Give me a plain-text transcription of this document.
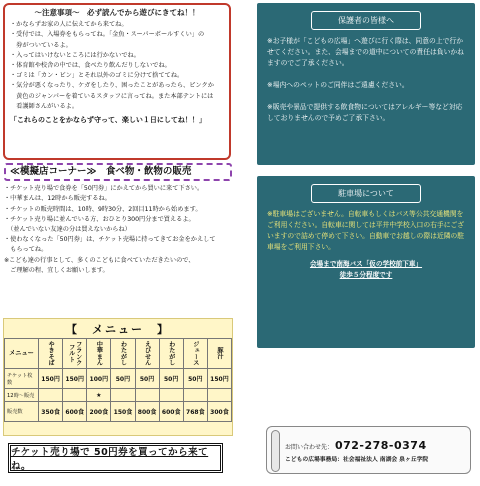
〜注意事項〜　必ず読んでから遊びにきてね！！
・かならずお家の人に伝えてから来てね。
・受付では、入場券をもらってね。「金魚・スーパーボールすくい」の
　券がついているよ。
・入ってはいけないところには行かないでね。
・体育館や校舎の中では、食べたり飲んだりしないでね。
・ゴミは「カン・ビン」とそれ以外のゴミに分けて捨ててね。
・気分が悪くなったり、ケガをしたり、困ったことがあったら、ピンクか
　黄色のジャンパーを着ているスタッフに言ってね。また本部テントには
　看護師さんがいるよ。
「これらのことをかならず守って、楽しい１日にしてね！！」
≪模擬店コーナー≫　食べ物・飲物の販売
・チケット売り場で食券を「50円券」にかえてから買いに来て下さい。
・中華まんは、12時から販売するね。
・チケットの販売時間は、10時、9時30分、2回目11時から始めます。
・チケット売り場に並んでいる方、おひとり300円分まで買えるよ。
　（並んでいない友達の分は買えないからね）
・使わなくなった「50円券」は、チケット売場に持ってきてお金をかえして
　もらってね。
※こども達の行事として、多くのこどもに食べていただきたいので、
　ご理解の程、宜しくお願いします。
【　メニュー　】
メニュー	やきそば	フランクフルト	中華まん	わたがし	えびせん	わたがし	ジュース	豚汁
チケット枚数	150円	150円	100円	50円	50円	50円	50円	150円
12時〜販売			★					
販売数	350食	600食	200食	150食	800食	600食	768食	300食
チケット売り場で 50円券を買ってから来てね。
保護者の皆様へ

※お子様が「こどもの広場」へ遊びに行く際は、同意の上で行かせてください。また、会場までの道中についての責任は負いかねますのでご了承ください。

※場内へのペットのご同伴はご遠慮ください。

※販売や景品で提供する飲食物についてはアレルギー等など対応しておりませんので予めご了承下さい。

駐車場について
※駐車場はございません。自転車もしくはバス等公共交通機関をご利用ください。自転車に関しては平井中学校入口の右手にございますので詰めて停めて下さい。自動車でお越しの際は近隣の駐車場をご利用下さい。
会場まで南海バス「仮の学校前下車」
徒歩５分程度です
お問い合わせ先： 072-278-0374
こどもの広場事務局：社会福祉法人 南湖会 泉ヶ丘学院
